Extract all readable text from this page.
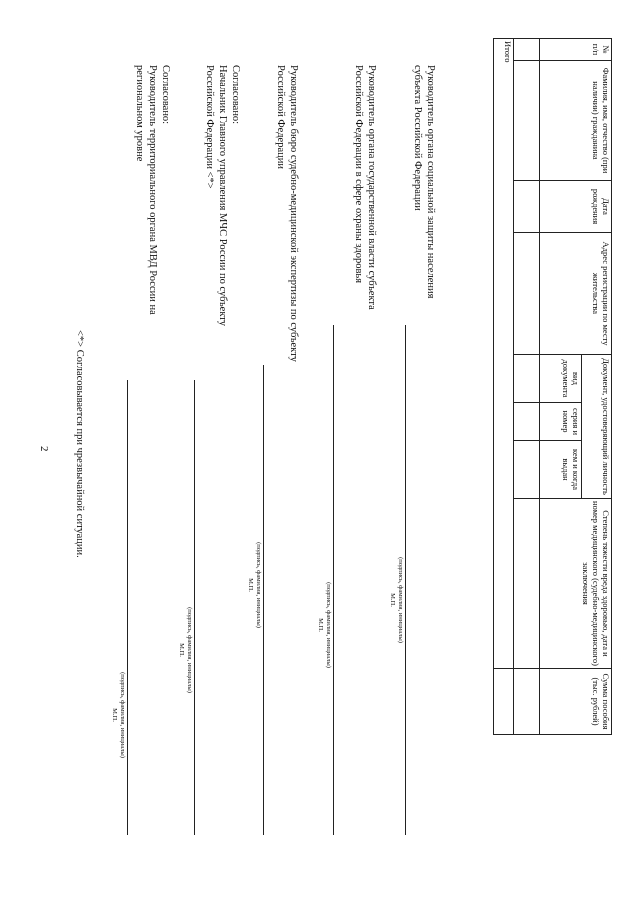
2
№ п/п	Фамилия, имя, отчество (при наличии) гражданина	Дата рождения	Адрес регистрации по месту жительства	Документ, удостоверяющий личность			Степень тяжести вреда здоровью, дата и номер медицинского (судебно-медицинского) заключения	Сумма пособия (тыс. рублей)
				вид документа	серия и номер	кем и когда выдан		

Итого								
Руководитель органа социальной защиты населения субъекта Российской Федерации
(подпись, фамилия, инициалы)
М.П.
Руководитель органа государственной власти субъекта Российской Федерации в сфере охраны здоровья
(подпись, фамилия, инициалы)
М.П.
Руководитель бюро судебно-медицинской экспертизы по субъекту Российской Федерации
(подпись, фамилия, инициалы)
М.П.
Согласовано:
Начальник Главного управления МЧС России по субъекту Российской Федерации <*>
(подпись, фамилия, инициалы)
М.П.
Согласовано:
Руководитель территориального органа МВД России на региональном уровне
(подпись, фамилия, инициалы)
М.П.
<*> Согласовывается при чрезвычайной ситуации.
